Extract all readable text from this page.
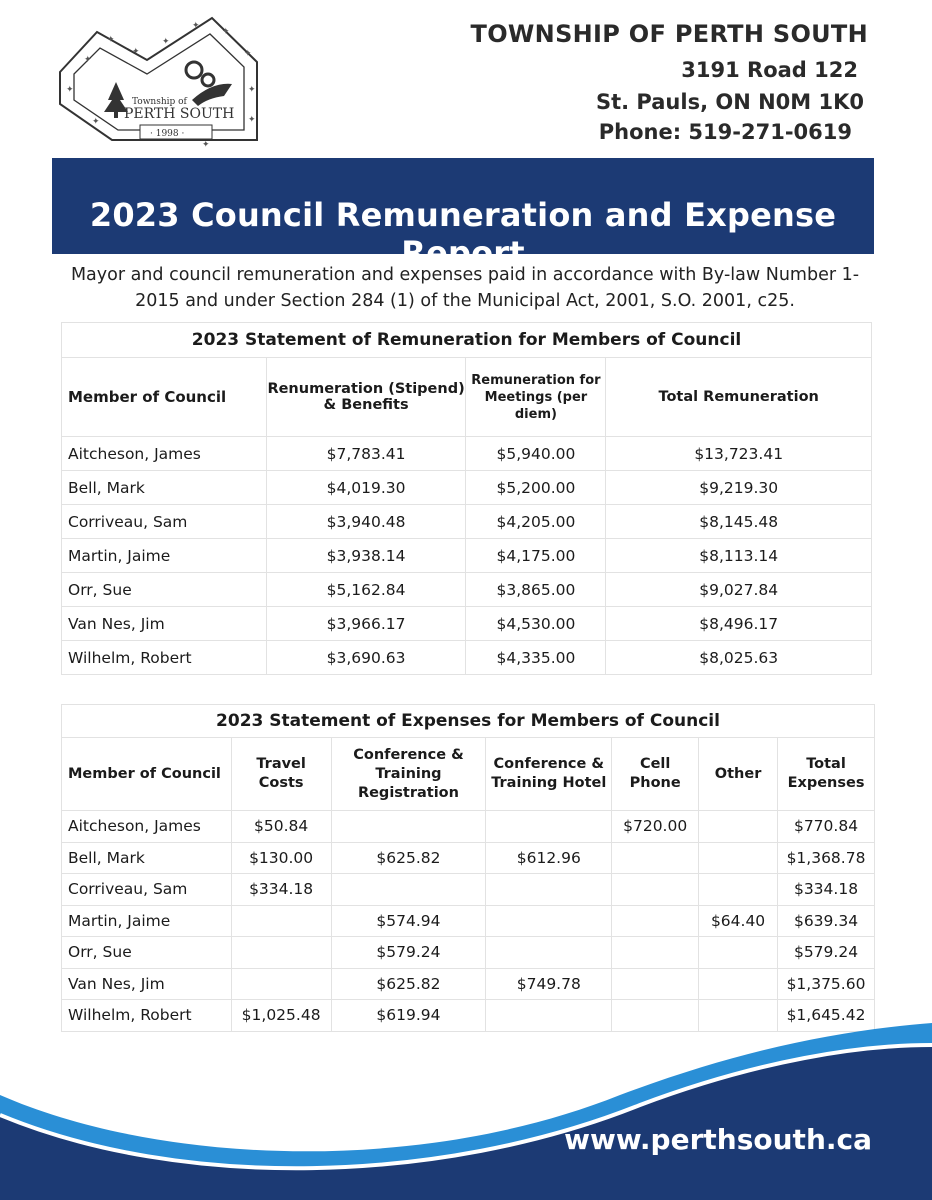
✦
✦
✦
✦
✦
✦
✦
✦
✦
✦
✦
✦
Township of
PERTH SOUTH
· 1998 ·
TOWNSHIP OF PERTH SOUTH
3191 Road 122
St. Pauls, ON N0M 1K0
Phone: 519-271-0619
2023 Council Remuneration and Expense Report
Mayor and council remuneration and expenses paid in accordance with By-law Number 1-2015 and under Section 284 (1) of the Municipal Act, 2001, S.O. 2001, c25.
2023 Statement of Remuneration for Members of Council			
Member of Council	Renumeration (Stipend) & Benefits	Remuneration for Meetings (per diem)	Total Remuneration
Aitcheson, James	$7,783.41	$5,940.00	$13,723.41
Bell, Mark	$4,019.30	$5,200.00	$9,219.30
Corriveau, Sam	$3,940.48	$4,205.00	$8,145.48
Martin, Jaime	$3,938.14	$4,175.00	$8,113.14
Orr, Sue	$5,162.84	$3,865.00	$9,027.84
Van Nes, Jim	$3,966.17	$4,530.00	$8,496.17
Wilhelm, Robert	$3,690.63	$4,335.00	$8,025.63
2023 Statement of Expenses for Members of Council						
Member of Council	Travel Costs	Conference & Training Registration	Conference & Training Hotel	Cell Phone	Other	Total Expenses
Aitcheson, James	$50.84			$720.00		$770.84
Bell, Mark	$130.00	$625.82	$612.96			$1,368.78
Corriveau, Sam	$334.18					$334.18
Martin, Jaime		$574.94			$64.40	$639.34
Orr, Sue		$579.24				$579.24
Van Nes, Jim		$625.82	$749.78			$1,375.60
Wilhelm, Robert	$1,025.48	$619.94				$1,645.42
www.perthsouth.ca
